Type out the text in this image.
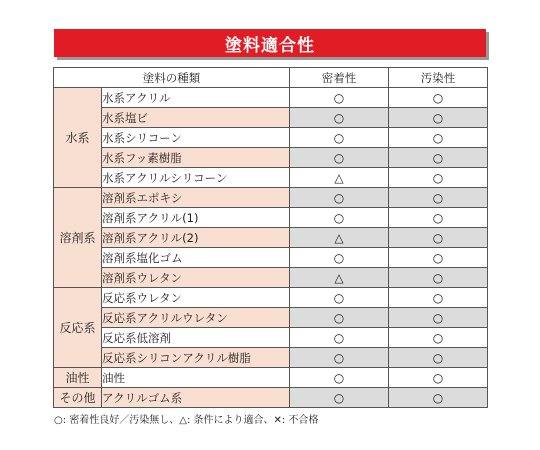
塗料適合性
塗料の種類		密着性	汚染性
水系	水系アクリル	○	○
	水系塩ビ	○	○
	水系シリコーン	○	○
	水系フッ素樹脂	○	○
	水系アクリルシリコーン	△	○
溶剤系	溶剤系エポキシ	○	○
	溶剤系アクリル(1)	○	○
	溶剤系アクリル(2)	△	○
	溶剤系塩化ゴム	○	○
	溶剤系ウレタン	△	○
反応系	反応系ウレタン	○	○
	反応系アクリルウレタン	○	○
	反応系低溶剤	○	○
	反応系シリコンアクリル樹脂	○	○
油性	油性	○	○
その他	アクリルゴム系	○	○
○: 密着性良好／汚染無し、△: 条件により適合、✕: 不合格
